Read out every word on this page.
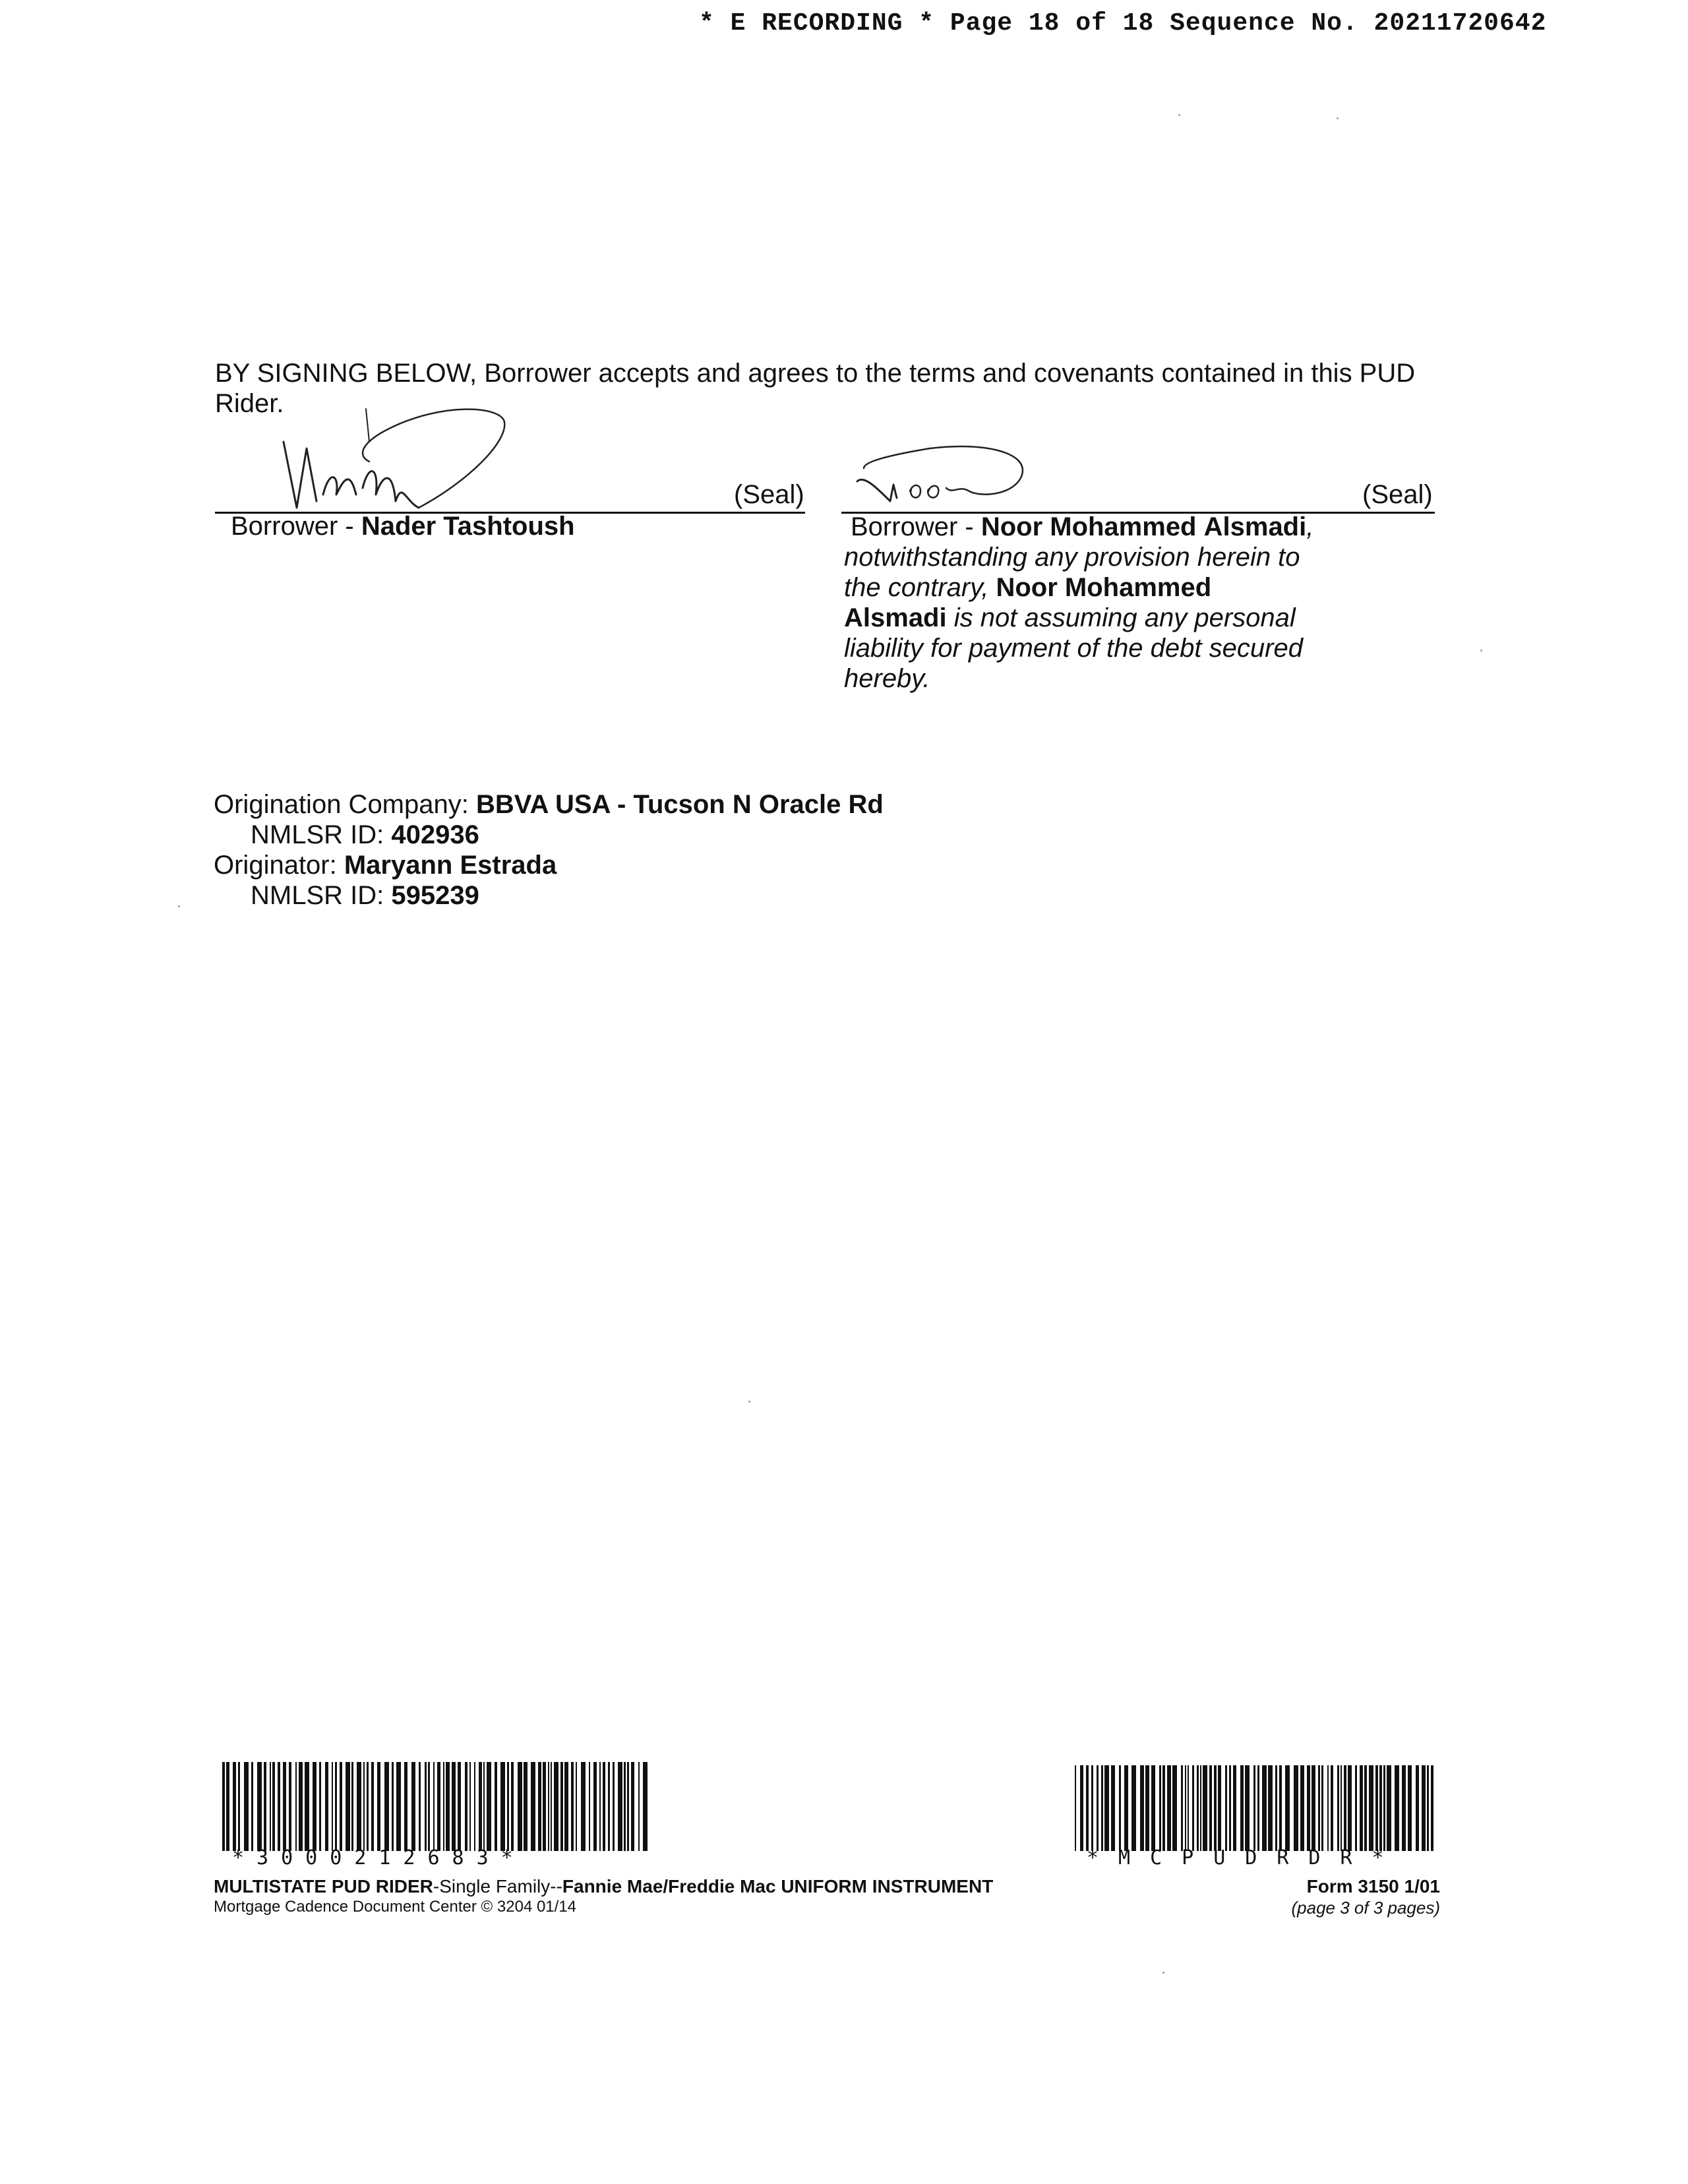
* E RECORDING * Page 18 of 18 Sequence No. 20211720642
BY SIGNING BELOW, Borrower accepts and agrees to the terms and covenants contained in this PUD Rider.
(Seal)
Borrower - Nader Tashtoush
(Seal)
Borrower - Noor Mohammed Alsmadi, notwithstanding any provision herein to the contrary, Noor Mohammed Alsmadi is not assuming any personal liability for payment of the debt secured hereby.
Origination Company: BBVA USA - Tucson N Oracle Rd
NMLSR ID: 402936
Originator: Maryann Estrada
NMLSR ID: 595239
*3000212683*	*MCPUDRDR*
MULTISTATE PUD RIDER-Single Family--Fannie Mae/Freddie Mac UNIFORM INSTRUMENT
Mortgage Cadence Document Center © 3204 01/14
Form 3150 1/01
(page 3 of 3 pages)
